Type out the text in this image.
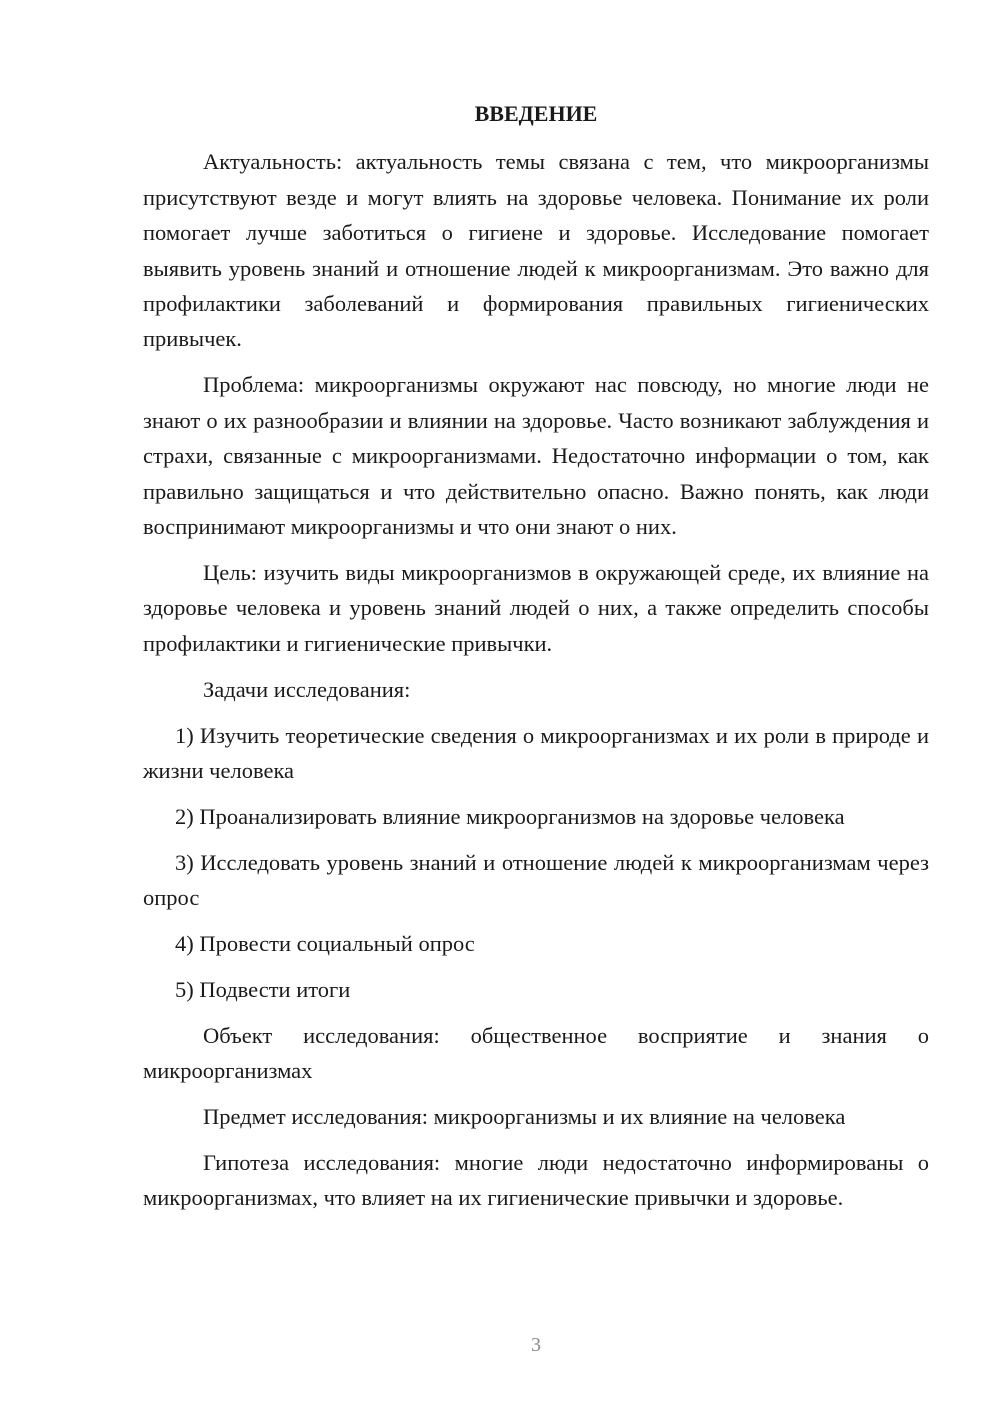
ВВЕДЕНИЕ

Актуальность: актуальность темы связана с тем, что микроорганизмы присутствуют везде и могут влиять на здоровье человека. Понимание их роли помогает лучше заботиться о гигиене и здоровье. Исследование помогает выявить уровень знаний и отношение людей к микроорганизмам. Это важно для профилактики заболеваний и формирования правильных гигиенических привычек.

Проблема: микроорганизмы окружают нас повсюду, но многие люди не знают о их разнообразии и влиянии на здоровье. Часто возникают заблуждения и страхи, связанные с микроорганизмами. Недостаточно информации о том, как правильно защищаться и что действительно опасно. Важно понять, как люди воспринимают микроорганизмы и что они знают о них.

Цель: изучить виды микроорганизмов в окружающей среде, их влияние на здоровье человека и уровень знаний людей о них, а также определить способы профилактики и гигиенические привычки.

Задачи исследования:

1) Изучить теоретические сведения о микроорганизмах и их роли в природе и жизни человека

2) Проанализировать влияние микроорганизмов на здоровье человека

3) Исследовать уровень знаний и отношение людей к микроорганизмам через опрос

4) Провести социальный опрос

5) Подвести итоги

Объект исследования: общественное восприятие и знания о микроорганизмах

Предмет исследования: микроорганизмы и их влияние на человека

Гипотеза исследования: многие люди недостаточно информированы о микроорганизмах, что влияет на их гигиенические привычки и здоровье.

3
